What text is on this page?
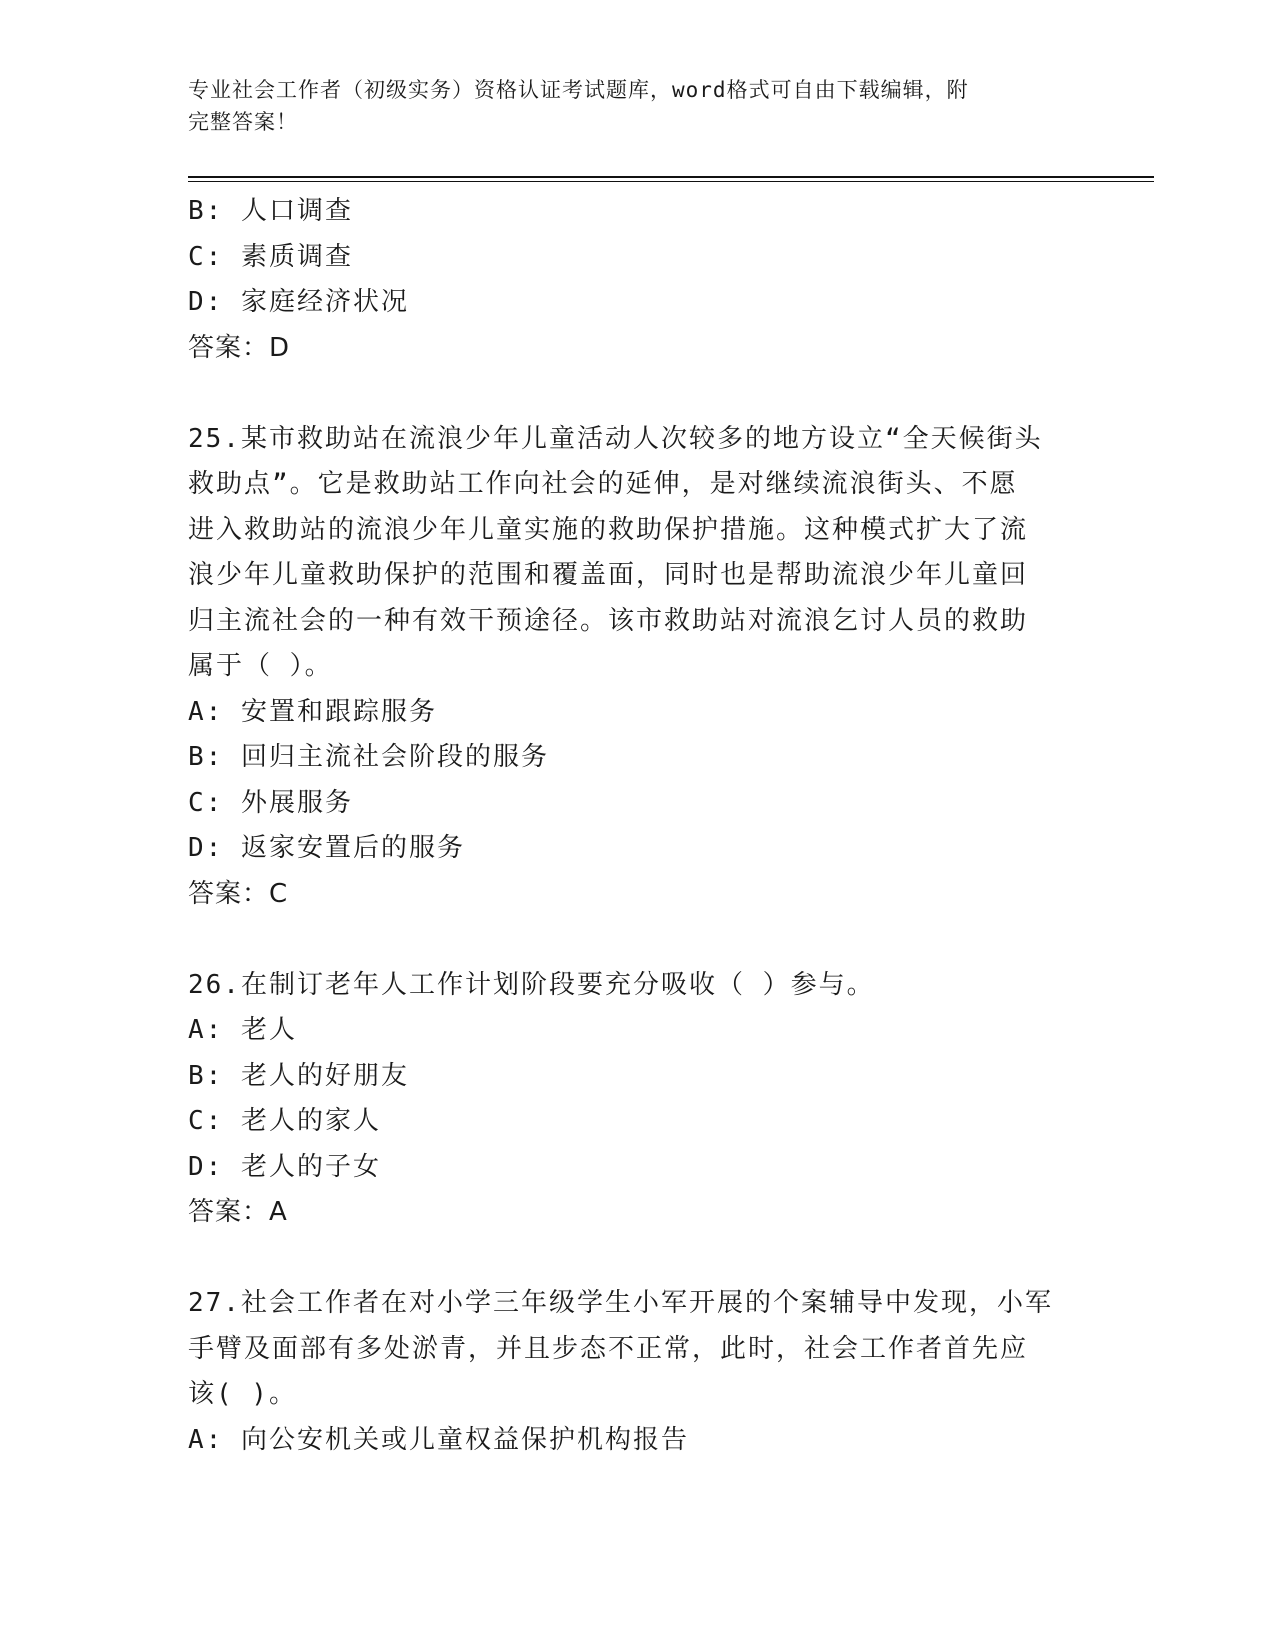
专业社会工作者（初级实务）资格认证考试题库，word格式可自由下载编辑，附
完整答案！
B: 人口调查
C: 素质调查
D: 家庭经济状况
答案：D
25.某市救助站在流浪少年儿童活动人次较多的地方设立“全天候街头
救助点”。它是救助站工作向社会的延伸，是对继续流浪街头、不愿
进入救助站的流浪少年儿童实施的救助保护措施。这种模式扩大了流
浪少年儿童救助保护的范围和覆盖面，同时也是帮助流浪少年儿童回
归主流社会的一种有效干预途径。该市救助站对流浪乞讨人员的救助
属于（ ）。
A: 安置和跟踪服务
B: 回归主流社会阶段的服务
C: 外展服务
D: 返家安置后的服务
答案：C
26.在制订老年人工作计划阶段要充分吸收（ ）参与。
A: 老人
B: 老人的好朋友
C: 老人的家人
D: 老人的子女
答案：A
27.社会工作者在对小学三年级学生小军开展的个案辅导中发现，小军
手臂及面部有多处淤青，并且步态不正常，此时，社会工作者首先应
该( )。
A: 向公安机关或儿童权益保护机构报告
